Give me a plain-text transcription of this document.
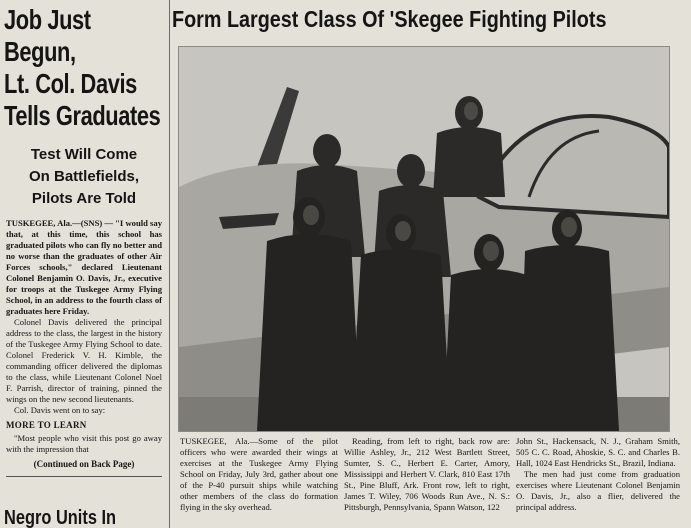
Job Just Begun,
Lt. Col. Davis
Tells Graduates
Test Will Come
On Battlefields,
Pilots Are Told

TUSKEGEE, Ala.—(SNS) — "I would say that, at this time, this school has graduated pilots who can fly no better and no worse than the graduates of other Air Forces schools," declared Lieutenant Colonel Benjamin O. Davis, Jr., executive for troops at the Tuskegee Army Flying School, in an address to the fourth class of graduates here Friday.

Colonel Davis delivered the principal address to the class, the largest in the history of the Tuskegee Army Flying School to date. Colonel Frederick V. H. Kimble, the commanding officer delivered the diplomas to the class, while Lieutenant Colonel Noel F. Parrish, director of training, pinned the wings on the new second lieutenants.

Col. Davis went on to say:

MORE TO LEARN

"Most people who visit this post go away with the impression that

(Continued on Back Page)
Negro Units In
Form Largest Class Of 'Skegee Fighting Pilots

TUSKEGEE, Ala.—Some of the pilot officers who were awarded their wings at exercises at the Tuskegee Army Flying School on Friday, July 3rd, gather about one of the P-40 pursuit ships while watching other members of the class do formation flying in the sky overhead.

Reading, from left to right, back row are: Willie Ashley, Jr., 212 West Bartlett Street, Sumter, S. C., Herbert E. Carter, Amory, Mississippi and Herbert V. Clark, 810 East 17th St., Pine Bluff, Ark. Front row, left to right, James T. Wiley, 706 Woods Run Ave., N. S.: Pittsburgh, Pennsylvania, Spann Watson, 122

John St., Hackensack, N. J., Graham Smith, 505 C. C. Road, Ahoskie, S. C. and Charles B. Hall, 1024 East Hendricks St., Brazil, Indiana.

The men had just come from graduation exercises where Lieutenant Colonel Benjamin O. Davis, Jr., also a flier, delivered the principal address.
